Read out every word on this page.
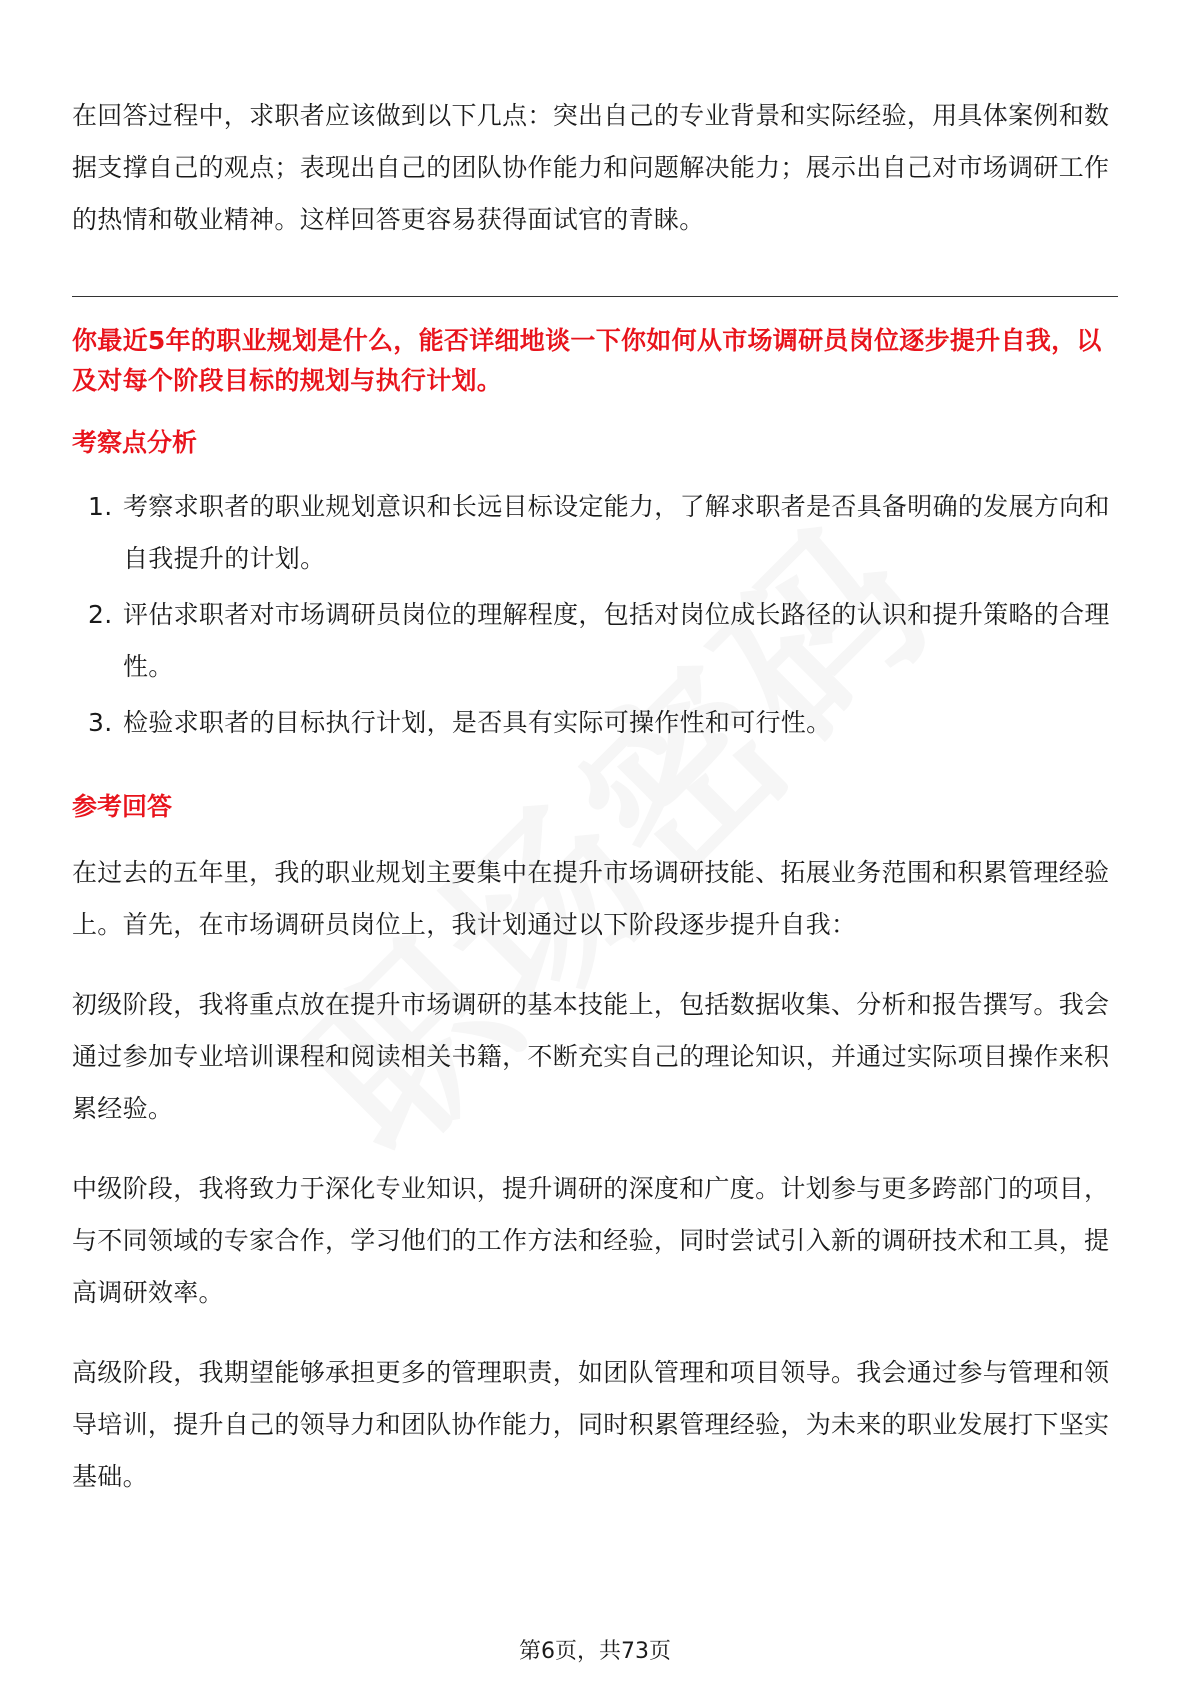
在回答过程中，求职者应该做到以下几点：突出自己的专业背景和实际经验，用具体案例和数据支撑自己的观点；表现出自己的团队协作能力和问题解决能力；展示出自己对市场调研工作的热情和敬业精神。这样回答更容易获得面试官的青睐。

你最近5年的职业规划是什么，能否详细地谈一下你如何从市场调研员岗位逐步提升自我，以及对每个阶段目标的规划与执行计划。

考察点分析
1. 考察求职者的职业规划意识和长远目标设定能力，了解求职者是否具备明确的发展方向和自我提升的计划。
2. 评估求职者对市场调研员岗位的理解程度，包括对岗位成长路径的认识和提升策略的合理性。
3. 检验求职者的目标执行计划，是否具有实际可操作性和可行性。
参考回答

在过去的五年里，我的职业规划主要集中在提升市场调研技能、拓展业务范围和积累管理经验上。首先，在市场调研员岗位上，我计划通过以下阶段逐步提升自我：

初级阶段，我将重点放在提升市场调研的基本技能上，包括数据收集、分析和报告撰写。我会通过参加专业培训课程和阅读相关书籍，不断充实自己的理论知识，并通过实际项目操作来积累经验。

中级阶段，我将致力于深化专业知识，提升调研的深度和广度。计划参与更多跨部门的项目，与不同领域的专家合作，学习他们的工作方法和经验，同时尝试引入新的调研技术和工具，提高调研效率。

高级阶段，我期望能够承担更多的管理职责，如团队管理和项目领导。我会通过参与管理和领导培训，提升自己的领导力和团队协作能力，同时积累管理经验，为未来的职业发展打下坚实基础。

第6页，共73页
